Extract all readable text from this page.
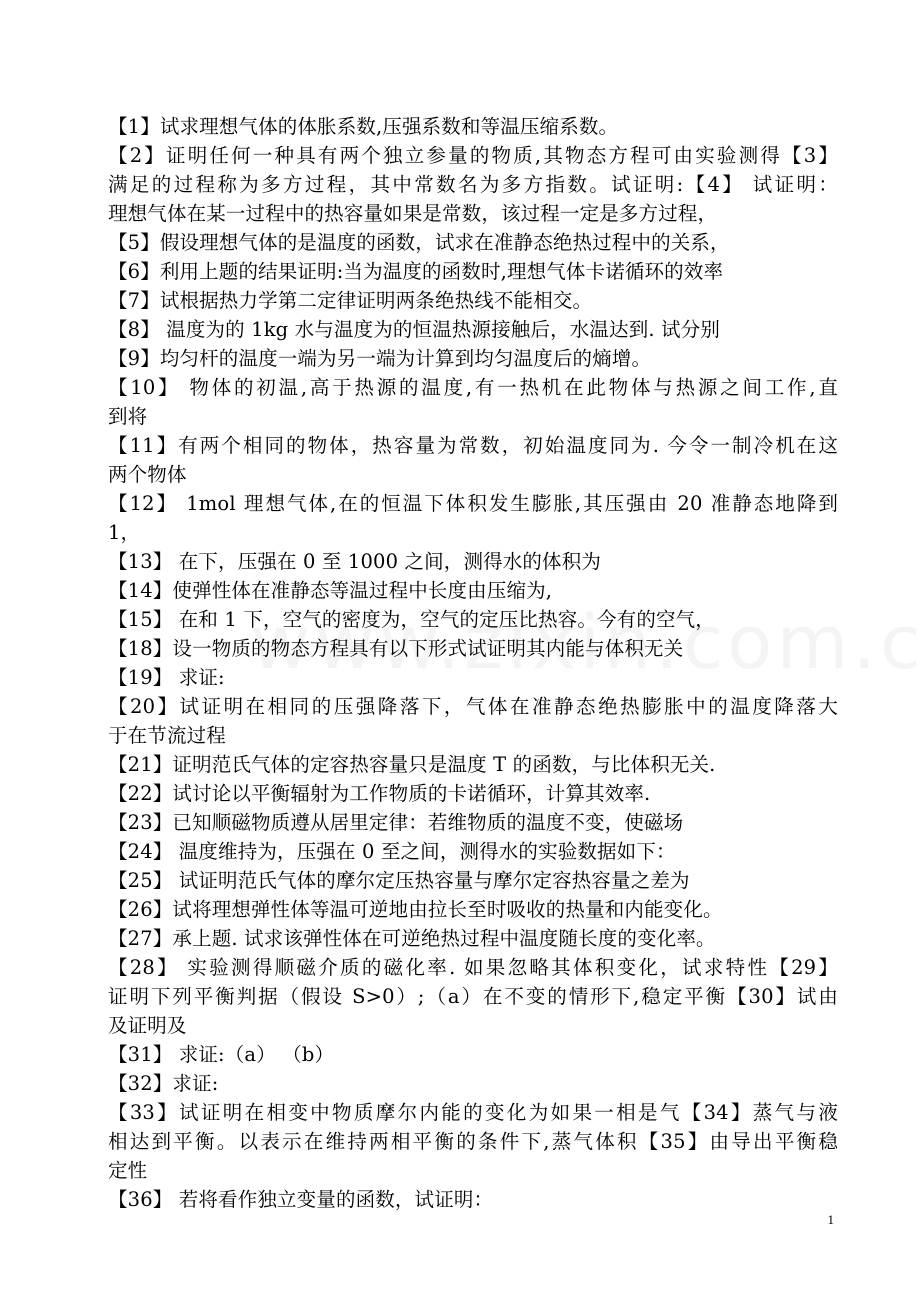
【1】试求理想气体的体胀系数,压强系数和等温压缩系数。
【2】证明任何一种具有两个独立参量的物质,其物态方程可由实验测得【3】
满足的过程称为多方过程，其中常数名为多方指数。试证明:【4】 试证明：
理想气体在某一过程中的热容量如果是常数，该过程一定是多方过程，
【5】假设理想气体的是温度的函数，试求在准静态绝热过程中的关系，
【6】利用上题的结果证明:当为温度的函数时,理想气体卡诺循环的效率
【7】试根据热力学第二定律证明两条绝热线不能相交。
【8】 温度为的 1kg 水与温度为的恒温热源接触后，水温达到. 试分别
【9】均匀杆的温度一端为另一端为计算到均匀温度后的熵增。
【10】 物体的初温,高于热源的温度,有一热机在此物体与热源之间工作,直
到将
【11】有两个相同的物体，热容量为常数，初始温度同为. 今令一制冷机在这
两个物体
【12】 1mol 理想气体,在的恒温下体积发生膨胀,其压强由 20 准静态地降到
1，
【13】 在下，压强在 0 至 1000 之间，测得水的体积为
【14】使弹性体在准静态等温过程中长度由压缩为,
【15】 在和 1 下，空气的密度为，空气的定压比热容。今有的空气，
【18】设一物质的物态方程具有以下形式试证明其内能与体积无关
【19】 求证:
【20】试证明在相同的压强降落下，气体在准静态绝热膨胀中的温度降落大
于在节流过程
【21】证明范氏气体的定容热容量只是温度 T 的函数，与比体积无关.
【22】试讨论以平衡辐射为工作物质的卡诺循环，计算其效率.
【23】已知顺磁物质遵从居里定律：若维物质的温度不变，使磁场
【24】 温度维持为，压强在 0 至之间，测得水的实验数据如下：
【25】 试证明范氏气体的摩尔定压热容量与摩尔定容热容量之差为
【26】试将理想弹性体等温可逆地由拉长至时吸收的热量和内能变化。
【27】承上题. 试求该弹性体在可逆绝热过程中温度随长度的变化率。
【28】 实验测得顺磁介质的磁化率. 如果忽略其体积变化，试求特性【29】
证明下列平衡判据（假设 S>0）;（a）在不变的情形下,稳定平衡【30】试由
及证明及
【31】 求证:（a） （b）
【32】求证:
【33】试证明在相变中物质摩尔内能的变化为如果一相是气【34】蒸气与液
相达到平衡。以表示在维持两相平衡的条件下,蒸气体积【35】由导出平衡稳
定性
【36】 若将看作独立变量的函数，试证明：
1
